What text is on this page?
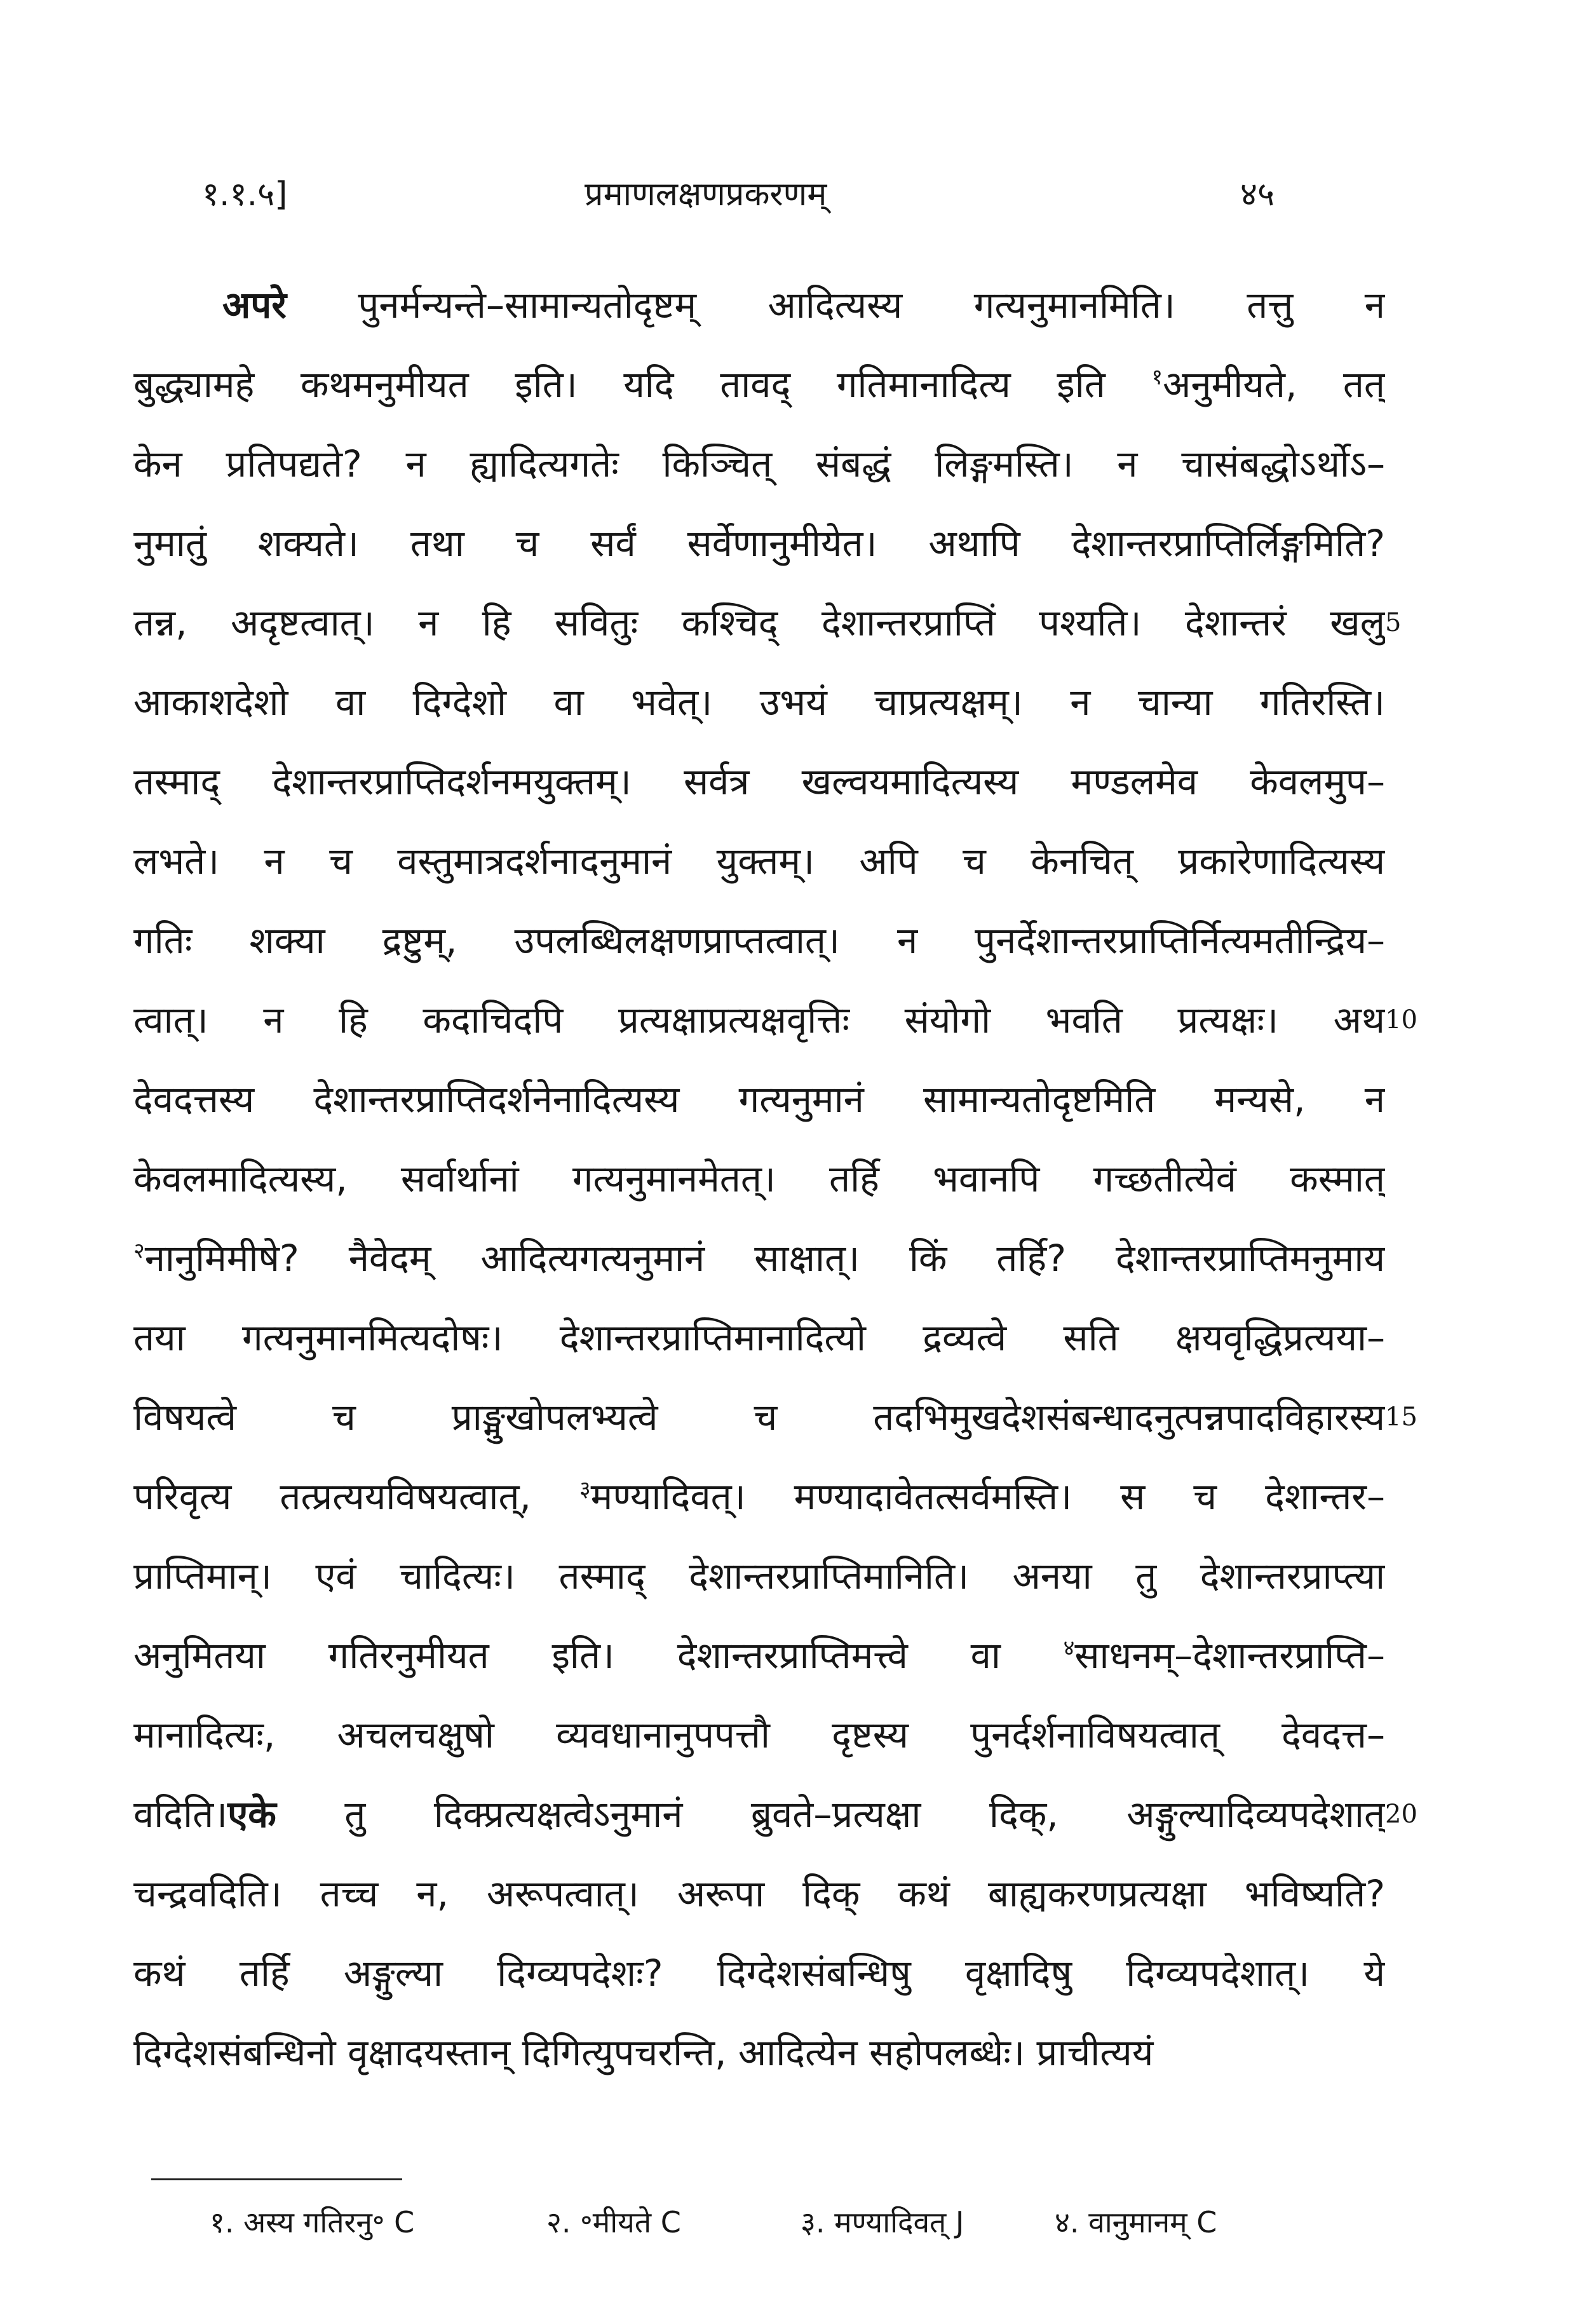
१.१.५]	प्रमाणलक्षणप्रकरणम्	४५
अपरे पुनर्मन्यन्ते–सामान्यतोदृष्टम् आदित्यस्य गत्यनुमानमिति। तत्तु न
बुद्ध्यामहे कथमनुमीयत इति। यदि तावद् गतिमानादित्य इति $^१$अनुमीयते, तत्
केन प्रतिपद्यते? न ह्यादित्यगतेः किञ्चित् संबद्धं लिङ्गमस्ति। न चासंबद्धोऽर्थोऽ–
नुमातुं शक्यते। तथा च सर्वं सर्वेणानुमीयेत। अथापि देशान्तरप्राप्तिर्लिङ्गमिति?
तन्न, अदृष्टत्वात्। न हि सवितुः कश्चिद् देशान्तरप्राप्तिं पश्यति। देशान्तरं खलु
आकाशदेशो वा दिग्देशो वा भवेत्। उभयं चाप्रत्यक्षम्। न चान्या गतिरस्ति।
तस्माद् देशान्तरप्राप्तिदर्शनमयुक्तम्। सर्वत्र खल्वयमादित्यस्य मण्डलमेव केवलमुप–
लभते। न च वस्तुमात्रदर्शनादनुमानं युक्तम्। अपि च केनचित् प्रकारेणादित्यस्य
गतिः शक्या द्रष्टुम्, उपलब्धिलक्षणप्राप्तत्वात्। न पुनर्देशान्तरप्राप्तिर्नित्यमतीन्द्रिय–
त्वात्। न हि कदाचिदपि प्रत्यक्षाप्रत्यक्षवृत्तिः संयोगो भवति प्रत्यक्षः। अथ
देवदत्तस्य देशान्तरप्राप्तिदर्शनेनादित्यस्य गत्यनुमानं सामान्यतोदृष्टमिति मन्यसे, न
केवलमादित्यस्य, सर्वार्थानां गत्यनुमानमेतत्। तर्हि भवानपि गच्छतीत्येवं कस्मात्
$^२$नानुमिमीषे? नैवेदम् आदित्यगत्यनुमानं साक्षात्। किं तर्हि? देशान्तरप्राप्तिमनुमाय
तया गत्यनुमानमित्यदोषः। देशान्तरप्राप्तिमानादित्यो द्रव्यत्वे सति क्षयवृद्धिप्रत्यया–
विषयत्वे च प्राङ्मुखोपलभ्यत्वे च तदभिमुखदेशसंबन्धादनुत्पन्नपादविहारस्य
परिवृत्य तत्प्रत्ययविषयत्वात्, $^३$मण्यादिवत्। मण्यादावेतत्सर्वमस्ति। स च देशान्तर–
प्राप्तिमान्। एवं चादित्यः। तस्माद् देशान्तरप्राप्तिमानिति। अनया तु देशान्तरप्राप्त्या
अनुमितया गतिरनुमीयत इति। देशान्तरप्राप्तिमत्त्वे वा	$^४$साधनम्–देशान्तरप्राप्ति–
मानादित्यः, अचलचक्षुषो व्यवधानानुपपत्तौ दृष्टस्य पुनर्दर्शनाविषयत्वात् देवदत्त–
वदिति।एके तु दिक्प्रत्यक्षत्वेऽनुमानं ब्रुवते–प्रत्यक्षा दिक्, अङ्गुल्यादिव्यपदेशात्
चन्द्रवदिति। तच्च न, अरूपत्वात्। अरूपा दिक् कथं बाह्यकरणप्रत्यक्षा भविष्यति?
कथं तर्हि अङ्गुल्या दिग्व्यपदेशः? दिग्देशसंबन्धिषु वृक्षादिषु दिग्व्यपदेशात्। ये
दिग्देशसंबन्धिनो वृक्षादयस्तान् दिगित्युपचरन्ति, आदित्येन सहोपलब्धेः। प्राचीत्ययं
5
10
15
20
१. अस्य गतिरनु॰ C	२. ॰मीयते C	३. मण्यादिवत् J	४. वानुमानम् C
